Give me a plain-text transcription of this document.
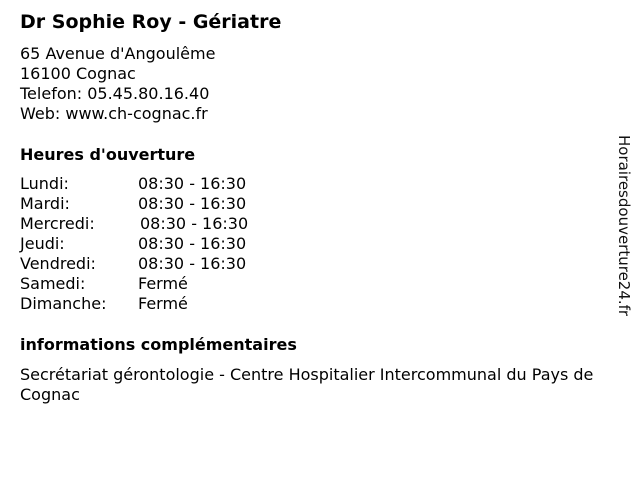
Dr Sophie Roy - Gériatre
65 Avenue d'Angoulême
16100 Cognac
Telefon: 05.45.80.16.40
Web: www.ch-cognac.fr
Heures d'ouverture
Lundi:	08:30 - 16:30
Mardi:	08:30 - 16:30
Mercredi:	08:30 - 16:30
Jeudi:	08:30 - 16:30
Vendredi:	08:30 - 16:30
Samedi:	Fermé
Dimanche: Fermé
informations complémentaires
Secrétariat gérontologie - Centre Hospitalier Intercommunal du Pays de Cognac
Horairesdouverture24.fr
